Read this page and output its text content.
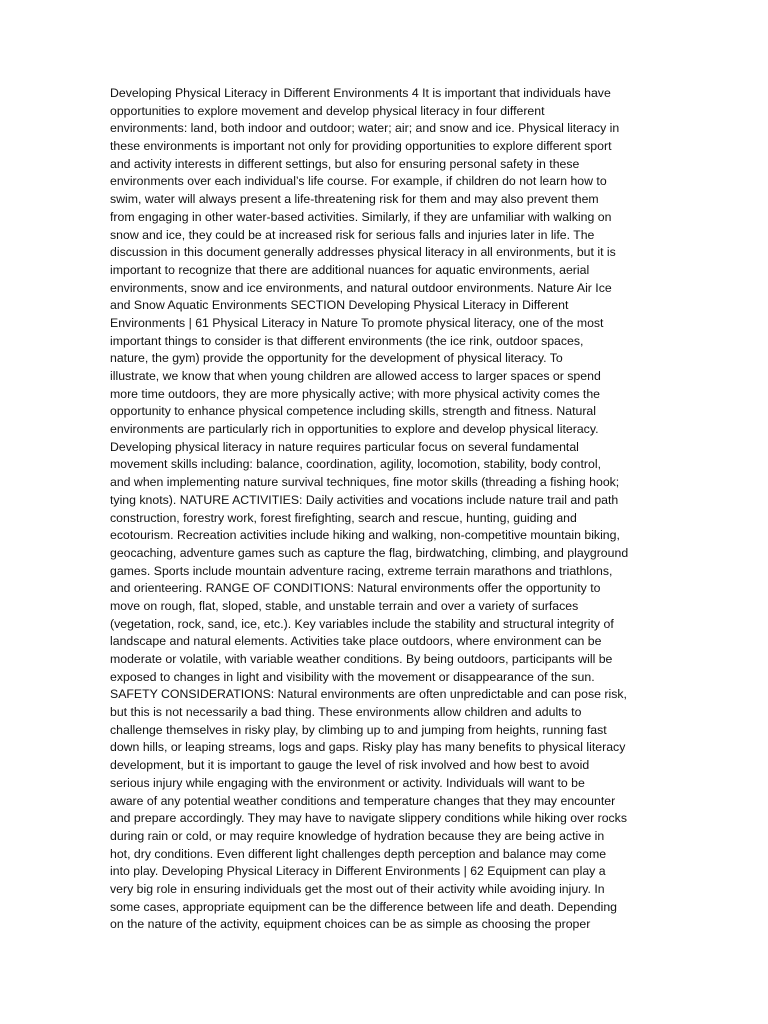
Developing Physical Literacy in Different Environments 4 It is important that individuals have
opportunities to explore movement and develop physical literacy in four different
environments: land, both indoor and outdoor; water; air; and snow and ice. Physical literacy in
these environments is important not only for providing opportunities to explore different sport
and activity interests in different settings, but also for ensuring personal safety in these
environments over each individual’s life course. For example, if children do not learn how to
swim, water will always present a life-threatening risk for them and may also prevent them
from engaging in other water-based activities. Similarly, if they are unfamiliar with walking on
snow and ice, they could be at increased risk for serious falls and injuries later in life. The
discussion in this document generally addresses physical literacy in all environments, but it is
important to recognize that there are additional nuances for aquatic environments, aerial
environments, snow and ice environments, and natural outdoor environments. Nature Air Ice
and Snow Aquatic Environments SECTION Developing Physical Literacy in Different
Environments | 61 Physical Literacy in Nature To promote physical literacy, one of the most
important things to consider is that different environments (the ice rink, outdoor spaces,
nature, the gym) provide the opportunity for the development of physical literacy. To
illustrate, we know that when young children are allowed access to larger spaces or spend
more time outdoors, they are more physically active; with more physical activity comes the
opportunity to enhance physical competence including skills, strength and fitness. Natural
environments are particularly rich in opportunities to explore and develop physical literacy.
Developing physical literacy in nature requires particular focus on several fundamental
movement skills including: balance, coordination, agility, locomotion, stability, body control,
and when implementing nature survival techniques, fine motor skills (threading a fishing hook;
tying knots). NATURE ACTIVITIES: Daily activities and vocations include nature trail and path
construction, forestry work, forest firefighting, search and rescue, hunting, guiding and
ecotourism. Recreation activities include hiking and walking, non-competitive mountain biking,
geocaching, adventure games such as capture the flag, birdwatching, climbing, and playground
games. Sports include mountain adventure racing, extreme terrain marathons and triathlons,
and orienteering. RANGE OF CONDITIONS: Natural environments offer the opportunity to
move on rough, flat, sloped, stable, and unstable terrain and over a variety of surfaces
(vegetation, rock, sand, ice, etc.). Key variables include the stability and structural integrity of
landscape and natural elements. Activities take place outdoors, where environment can be
moderate or volatile, with variable weather conditions. By being outdoors, participants will be
exposed to changes in light and visibility with the movement or disappearance of the sun.
SAFETY CONSIDERATIONS: Natural environments are often unpredictable and can pose risk,
but this is not necessarily a bad thing. These environments allow children and adults to
challenge themselves in risky play, by climbing up to and jumping from heights, running fast
down hills, or leaping streams, logs and gaps. Risky play has many benefits to physical literacy
development, but it is important to gauge the level of risk involved and how best to avoid
serious injury while engaging with the environment or activity. Individuals will want to be
aware of any potential weather conditions and temperature changes that they may encounter
and prepare accordingly. They may have to navigate slippery conditions while hiking over rocks
during rain or cold, or may require knowledge of hydration because they are being active in
hot, dry conditions. Even different light challenges depth perception and balance may come
into play. Developing Physical Literacy in Different Environments | 62 Equipment can play a
very big role in ensuring individuals get the most out of their activity while avoiding injury. In
some cases, appropriate equipment can be the difference between life and death. Depending
on the nature of the activity, equipment choices can be as simple as choosing the proper
